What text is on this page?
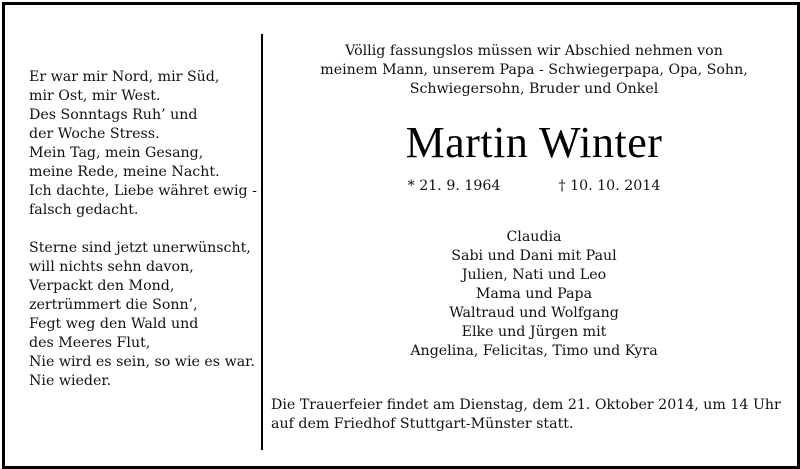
Er war mir Nord, mir Süd,
mir Ost, mir West.
Des Sonntags Ruh’ und
der Woche Stress.
Mein Tag, mein Gesang,
meine Rede, meine Nacht.
Ich dachte, Liebe währet ewig -
falsch gedacht.
Sterne sind jetzt unerwünscht,
will nichts sehn davon,
Verpackt den Mond,
zertrümmert die Sonn’,
Fegt weg den Wald und
des Meeres Flut,
Nie wird es sein, so wie es war.
Nie wieder.
Völlig fassungslos müssen wir Abschied nehmen von
meinem Mann, unserem Papa - Schwiegerpapa, Opa, Sohn,
Schwiegersohn, Bruder und Onkel
Martin Winter
* 21. 9. 1964	† 10. 10. 2014
Claudia
Sabi und Dani mit Paul
Julien, Nati und Leo
Mama und Papa
Waltraud und Wolfgang
Elke und Jürgen mit
Angelina, Felicitas, Timo und Kyra
Die Trauerfeier findet am Dienstag, dem 21. Oktober 2014, um 14 Uhr
auf dem Friedhof Stuttgart-Münster statt.
